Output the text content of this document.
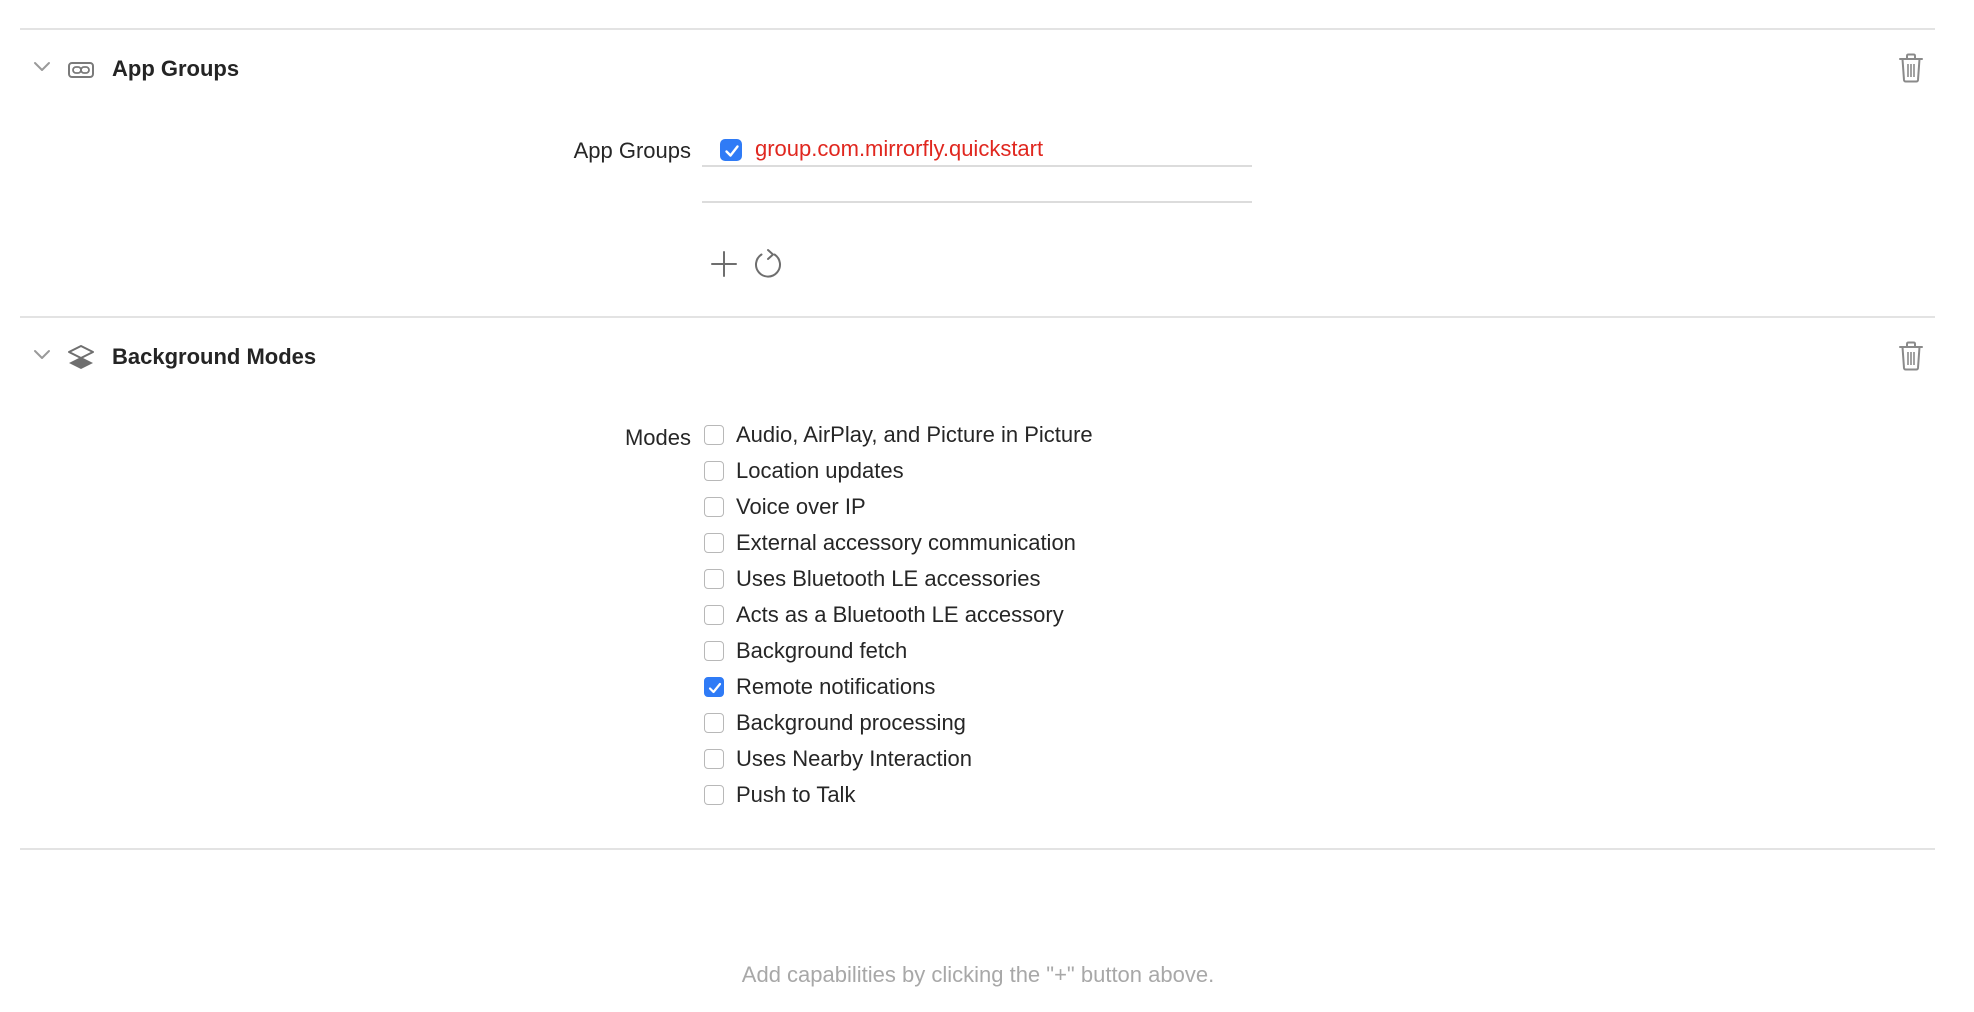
App Groups
App Groups	group.com.mirrorfly.quickstart
Background Modes
Modes Audio, AirPlay, and Picture in Picture
Location updates
Voice over IP
External accessory communication
Uses Bluetooth LE accessories
Acts as a Bluetooth LE accessory
Background fetch
Remote notifications
Background processing
Uses Nearby Interaction
Push to Talk
Add capabilities by clicking the "+" button above.
